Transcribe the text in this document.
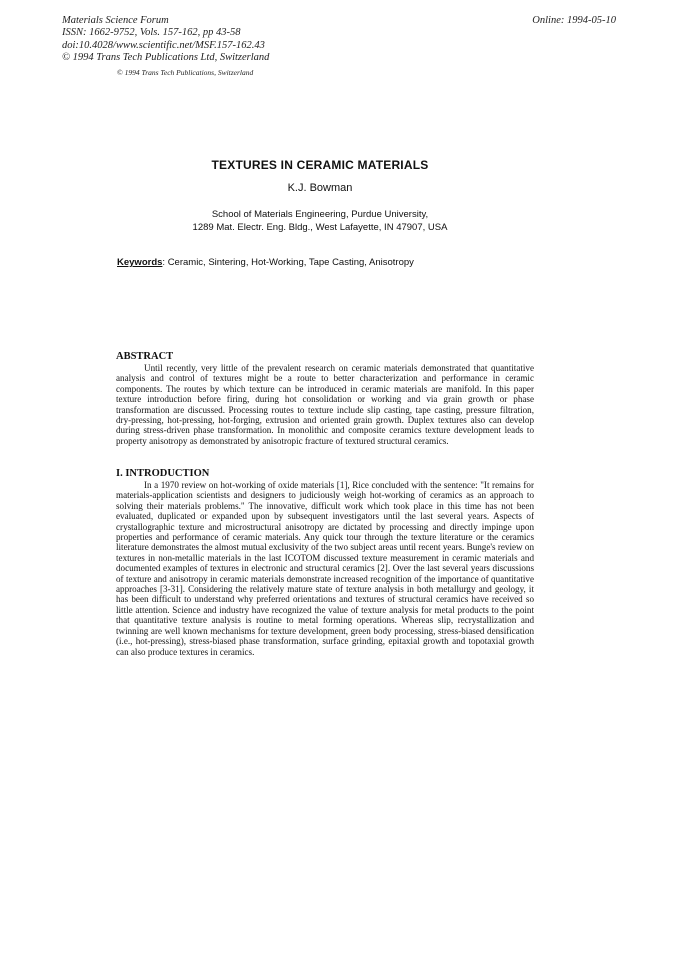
Materials Science Forum
ISSN: 1662-9752, Vols. 157-162, pp 43-58
doi:10.4028/www.scientific.net/MSF.157-162.43
© 1994 Trans Tech Publications Ltd, Switzerland
Online: 1994-05-10
© 1994 Trans Tech Publications, Switzerland
TEXTURES IN CERAMIC MATERIALS
K.J. Bowman
School of Materials Engineering, Purdue University,
1289 Mat. Electr. Eng. Bldg., West Lafayette, IN 47907, USA
Keywords: Ceramic, Sintering, Hot-Working, Tape Casting, Anisotropy
ABSTRACT

Until recently, very little of the prevalent research on ceramic materials demonstrated that quantitative analysis and control of textures might be a route to better characterization and performance in ceramic components. The routes by which texture can be introduced in ceramic materials are manifold. In this paper texture introduction before firing, during hot consolidation or working and via grain growth or phase transformation are discussed. Processing routes to texture include slip casting, tape casting, pressure filtration, dry-pressing, hot-pressing, hot-forging, extrusion and oriented grain growth. Duplex textures also can develop during stress-driven phase transformation. In monolithic and composite ceramics texture development leads to property anisotropy as demonstrated by anisotropic fracture of textured structural ceramics.

I. INTRODUCTION

In a 1970 review on hot-working of oxide materials [1], Rice concluded with the sentence: "It remains for materials-application scientists and designers to judiciously weigh hot-working of ceramics as an approach to solving their materials problems." The innovative, difficult work which took place in this time has not been evaluated, duplicated or expanded upon by subsequent investigators until the last several years. Aspects of crystallographic texture and microstructural anisotropy are dictated by processing and directly impinge upon properties and performance of ceramic materials. Any quick tour through the texture literature or the ceramics literature demonstrates the almost mutual exclusivity of the two subject areas until recent years. Bunge's review on textures in non-metallic materials in the last ICOTOM discussed texture measurement in ceramic materials and documented examples of textures in electronic and structural ceramics [2]. Over the last several years discussions of texture and anisotropy in ceramic materials demonstrate increased recognition of the importance of quantitative approaches [3-31]. Considering the relatively mature state of texture analysis in both metallurgy and geology, it has been difficult to understand why preferred orientations and textures of structural ceramics have received so little attention. Science and industry have recognized the value of texture analysis for metal products to the point that quantitative texture analysis is routine to metal forming operations. Whereas slip, recrystallization and twinning are well known mechanisms for texture development, green body processing, stress-biased densification (i.e., hot-pressing), stress-biased phase transformation, surface grinding, epitaxial growth and topotaxial growth can also produce textures in ceramics.
